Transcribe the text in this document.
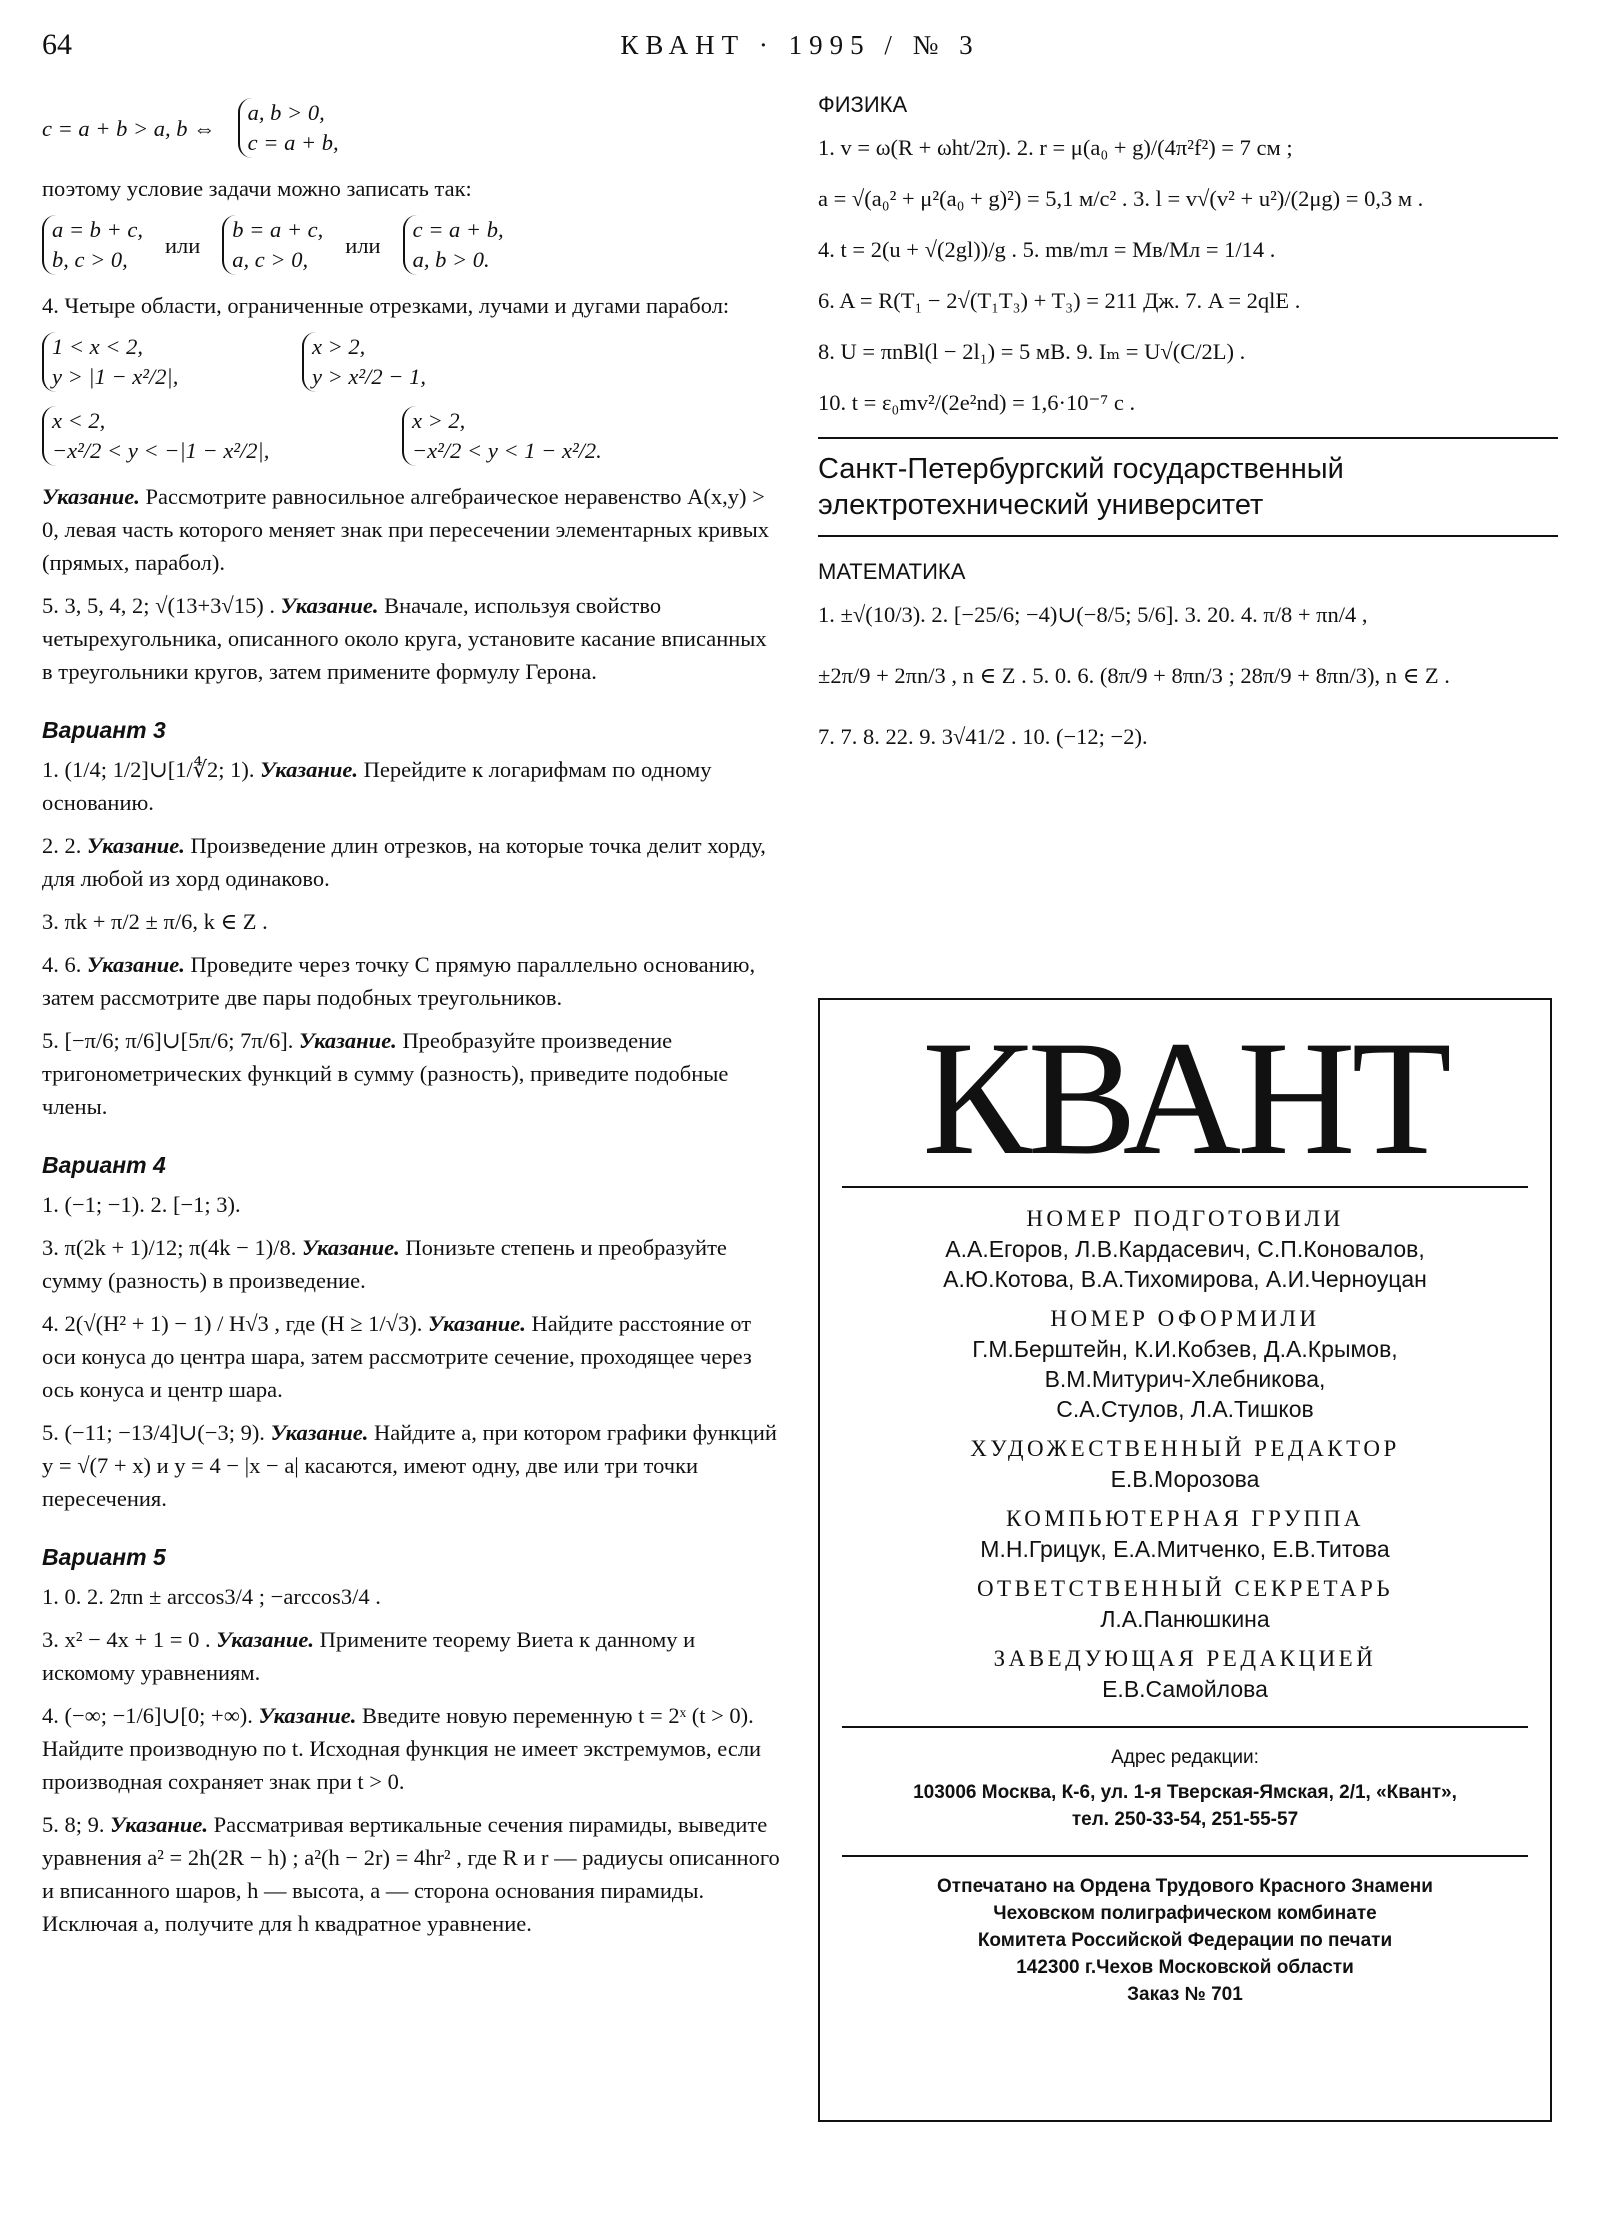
64	КВАНТ · 1995 / № 3
c = a + b > a, b ⇔
a, b > 0,
c = a + b,

поэтому условие задачи можно записать так:

a = b + c,
b, c > 0,
или
b = a + c,
a, c > 0,
или
c = a + b,
a, b > 0.

4. Четыре области, ограниченные отрезками, лучами и дугами парабол:

1 < x < 2,
y > |1 − x²/2|,
x > 2,
y > x²/2 − 1,
x < 2,
−x²/2 < y < −|1 − x²/2|,
x > 2,
−x²/2 < y < 1 − x²/2.

Указание. Рассмотрите равносильное алгебраическое неравенство A(x,y) > 0, левая часть которого меняет знак при пересечении элементарных кривых (прямых, парабол).

5. 3, 5, 4, 2; √(13+3√15) . Указание. Вначале, используя свойство четырехугольника, описанного около круга, установите касание вписанных в треугольники кругов, затем примените формулу Герона.

Вариант 3

1. (1/4; 1/2]∪[1/∜2; 1). Указание. Перейдите к логарифмам по одному основанию.

2. 2. Указание. Произведение длин отрезков, на которые точка делит хорду, для любой из хорд одинаково.

3. πk + π/2 ± π/6, k ∈ Z .

4. 6. Указание. Проведите через точку C прямую параллельно основанию, затем рассмотрите две пары подобных треугольников.

5. [−π/6; π/6]∪[5π/6; 7π/6]. Указание. Преобразуйте произведение тригонометрических функций в сумму (разность), приведите подобные члены.

Вариант 4

1. (−1; −1). 2. [−1; 3).

3. π(2k + 1)/12; π(4k − 1)/8. Указание. Понизьте степень и преобразуйте сумму (разность) в произведение.

4. 2(√(H² + 1) − 1) / H√3 , где (H ≥ 1/√3). Указание. Найдите расстояние от оси конуса до центра шара, затем рассмотрите сечение, проходящее через ось конуса и центр шара.

5. (−11; −13/4]∪(−3; 9). Указание. Найдите a, при котором графики функций y = √(7 + x) и y = 4 − |x − a| касаются, имеют одну, две или три точки пересечения.

Вариант 5

1. 0. 2. 2πn ± arccos3/4 ; −arccos3/4 .

3. x² − 4x + 1 = 0 . Указание. Примените теорему Виета к данному и искомому уравнениям.

4. (−∞; −1/6]∪[0; +∞). Указание. Введите новую переменную t = 2ˣ (t > 0). Найдите производную по t. Исходная функция не имеет экстремумов, если производная сохраняет знак при t > 0.

5. 8; 9. Указание. Рассматривая вертикальные сечения пирамиды, выведите уравнения a² = 2h(2R − h) ; a²(h − 2r) = 4hr² , где R и r — радиусы описанного и вписанного шаров, h — высота, a — сторона основания пирамиды. Исключая a, получите для h квадратное уравнение.

ФИЗИКА
1. v = ω(R + ωht/2π). 2. r = μ(a₀ + g)/(4π²f²) = 7 см ;
a = √(a₀² + μ²(a₀ + g)²) = 5,1 м/с² . 3. l = v√(v² + u²)/(2μg) = 0,3 м .
4. t = 2(u + √(2gl))/g . 5. mв/mл = Mв/Mл = 1/14 .
6. A = R(T₁ − 2√(T₁T₃) + T₃) = 211 Дж. 7. A = 2qlE .
8. U = πnBl(l − 2l₁) = 5 мВ. 9. Iₘ = U√(C/2L) .
10. t = ε₀mv²/(2e²nd) = 1,6·10⁻⁷ с .
Санкт-Петербургский государственный
электротехнический университет
МАТЕМАТИКА
1. ±√(10/3). 2. [−25/6; −4)∪(−8/5; 5/6]. 3. 20. 4. π/8 + πn/4 ,
±2π/9 + 2πn/3 , n ∈ Z . 5. 0. 6. (8π/9 + 8πn/3 ; 28π/9 + 8πn/3), n ∈ Z .
7. 7. 8. 22. 9. 3√41/2 . 10. (−12; −2).
КВАНТ
НОМЕР ПОДГОТОВИЛИ
А.А.Егоров, Л.В.Кардасевич, С.П.Коновалов,
А.Ю.Котова, В.А.Тихомирова, А.И.Черноуцан
НОМЕР ОФОРМИЛИ
Г.М.Берштейн, К.И.Кобзев, Д.А.Крымов,
В.М.Митурич-Хлебникова,
С.А.Стулов, Л.А.Тишков
ХУДОЖЕСТВЕННЫЙ РЕДАКТОР
Е.В.Морозова
КОМПЬЮТЕРНАЯ ГРУППА
М.Н.Грицук, Е.А.Митченко, Е.В.Титова
ОТВЕТСТВЕННЫЙ СЕКРЕТАРЬ
Л.А.Панюшкина
ЗАВЕДУЮЩАЯ РЕДАКЦИЕЙ
Е.В.Самойлова
Адрес редакции:
103006 Москва, К-6, ул. 1-я Тверская-Ямская, 2/1, «Квант»,
тел. 250-33-54, 251-55-57
Отпечатано на Ордена Трудового Красного Знамени
Чеховском полиграфическом комбинате
Комитета Российской Федерации по печати
142300 г.Чехов Московской области
Заказ № 701
